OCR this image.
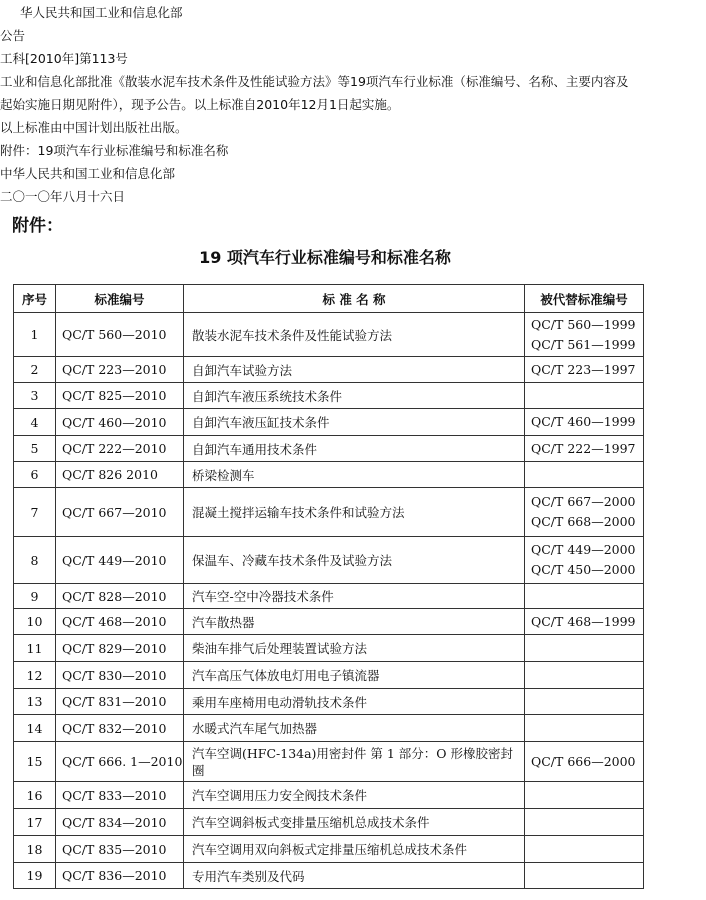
华人民共和国工业和信息化部
公告
工科[2010年]第113号
工业和信息化部批准《散装水泥车技术条件及性能试验方法》等19项汽车行业标准（标准编号、名称、主要内容及
起始实施日期见附件），现予公告。以上标准自2010年12月1日起实施。
以上标准由中国计划出版社出版。
附件：19项汽车行业标准编号和标准名称
中华人民共和国工业和信息化部
二〇一〇年八月十六日
附件：
19 项汽车行业标准编号和标准名称
序号	标准编号	标 准 名 称	被代替标准编号
1	QC/T 560—2010	散装水泥车技术条件及性能试验方法	QC/T 560—1999
QC/T 561—1999

2	QC/T 223—2010	自卸汽车试验方法	QC/T 223—1997

3	QC/T 825—2010	自卸汽车液压系统技术条件	
4	QC/T 460—2010	自卸汽车液压缸技术条件	QC/T 460—1999

5	QC/T 222—2010	自卸汽车通用技术条件	QC/T 222—1997

6	QC/T 826 2010	桥梁检测车	
7	QC/T 667—2010	混凝土搅拌运输车技术条件和试验方法	QC/T 667—2000
QC/T 668—2000

8	QC/T 449—2010	保温车、冷藏车技术条件及试验方法	QC/T 449—2000
QC/T 450—2000

9	QC/T 828—2010	汽车空-空中冷器技术条件	
10	QC/T 468—2010	汽车散热器	QC/T 468—1999

11	QC/T 829—2010	柴油车排气后处理装置试验方法	
12	QC/T 830—2010	汽车高压气体放电灯用电子镇流器	
13	QC/T 831—2010	乘用车座椅用电动滑轨技术条件	
14	QC/T 832—2010	水暖式汽车尾气加热器	
15	QC/T 666. 1—2010	汽车空调(HFC-134a)用密封件 第 1 部分：O 形橡胶密封圈	QC/T 666—2000

16	QC/T 833—2010	汽车空调用压力安全阀技术条件	
17	QC/T 834—2010	汽车空调斜板式变排量压缩机总成技术条件	
18	QC/T 835—2010	汽车空调用双向斜板式定排量压缩机总成技术条件	
19	QC/T 836—2010	专用汽车类别及代码	
